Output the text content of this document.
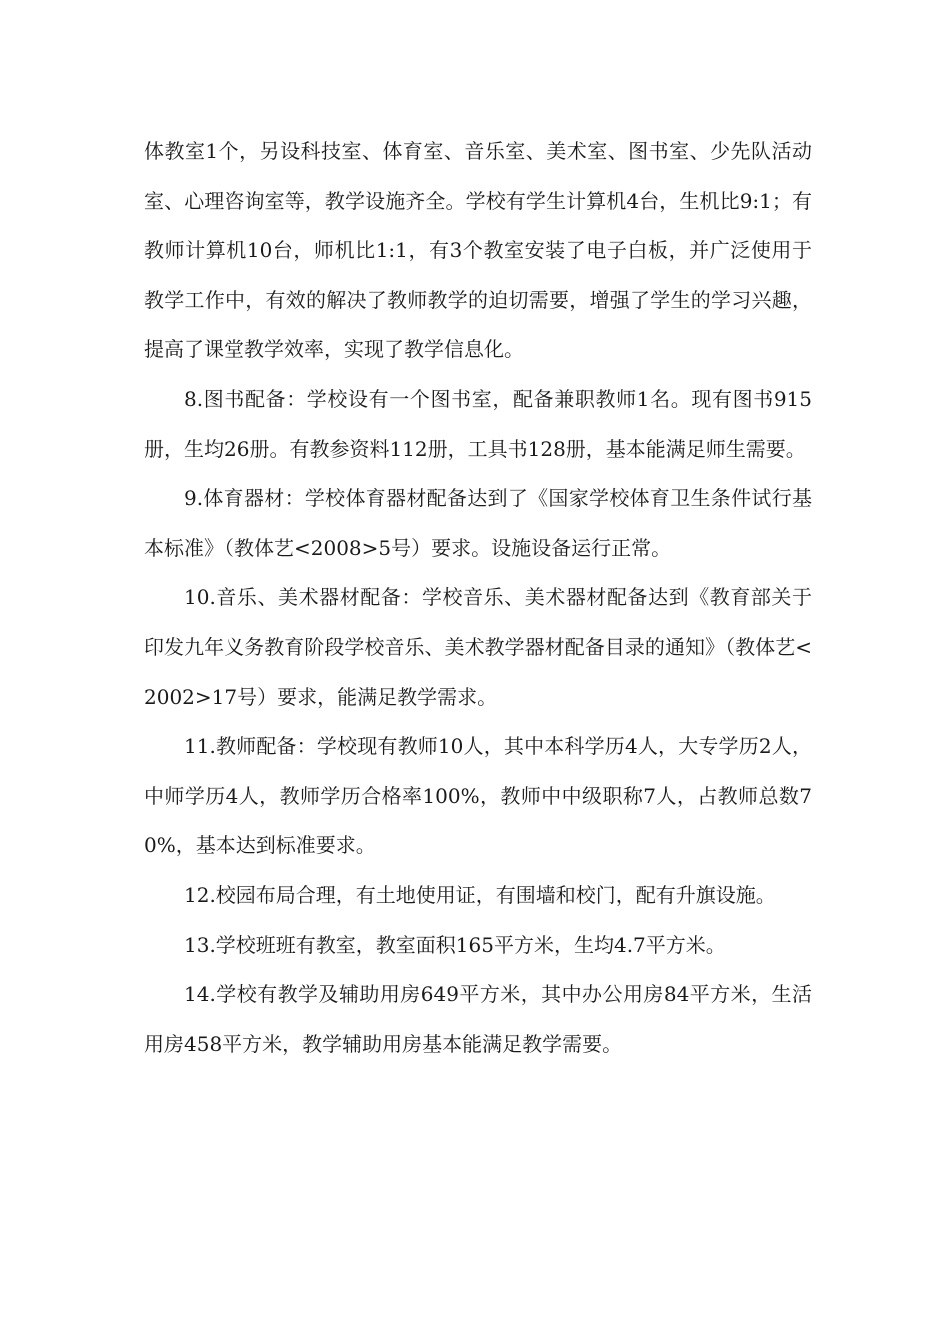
体教室1个，另设科技室、体育室、音乐室、美术室、图书室、少先队活动室、心理咨询室等，教学设施齐全。学校有学生计算机4台，生机比9:1；有教师计算机10台，师机比1:1，有3个教室安装了电子白板，并广泛使用于教学工作中，有效的解决了教师教学的迫切需要，增强了学生的学习兴趣，提高了课堂教学效率，实现了教学信息化。

8.图书配备：学校设有一个图书室，配备兼职教师1名。现有图书915册，生均26册。有教参资料112册，工具书128册，基本能满足师生需要。

9.体育器材：学校体育器材配备达到了《国家学校体育卫生条件试行基本标准》（教体艺<2008>5号）要求。设施设备运行正常。

10.音乐、美术器材配备：学校音乐、美术器材配备达到《教育部关于印发九年义务教育阶段学校音乐、美术教学器材配备目录的通知》（教体艺<2002>17号）要求，能满足教学需求。

11.教师配备：学校现有教师10人，其中本科学历4人，大专学历2人，中师学历4人，教师学历合格率100%，教师中中级职称7人，占教师总数70%，基本达到标准要求。

12.校园布局合理，有土地使用证，有围墙和校门，配有升旗设施。

13.学校班班有教室，教室面积165平方米，生均4.7平方米。

14.学校有教学及辅助用房649平方米，其中办公用房84平方米，生活用房458平方米，教学辅助用房基本能满足教学需要。
